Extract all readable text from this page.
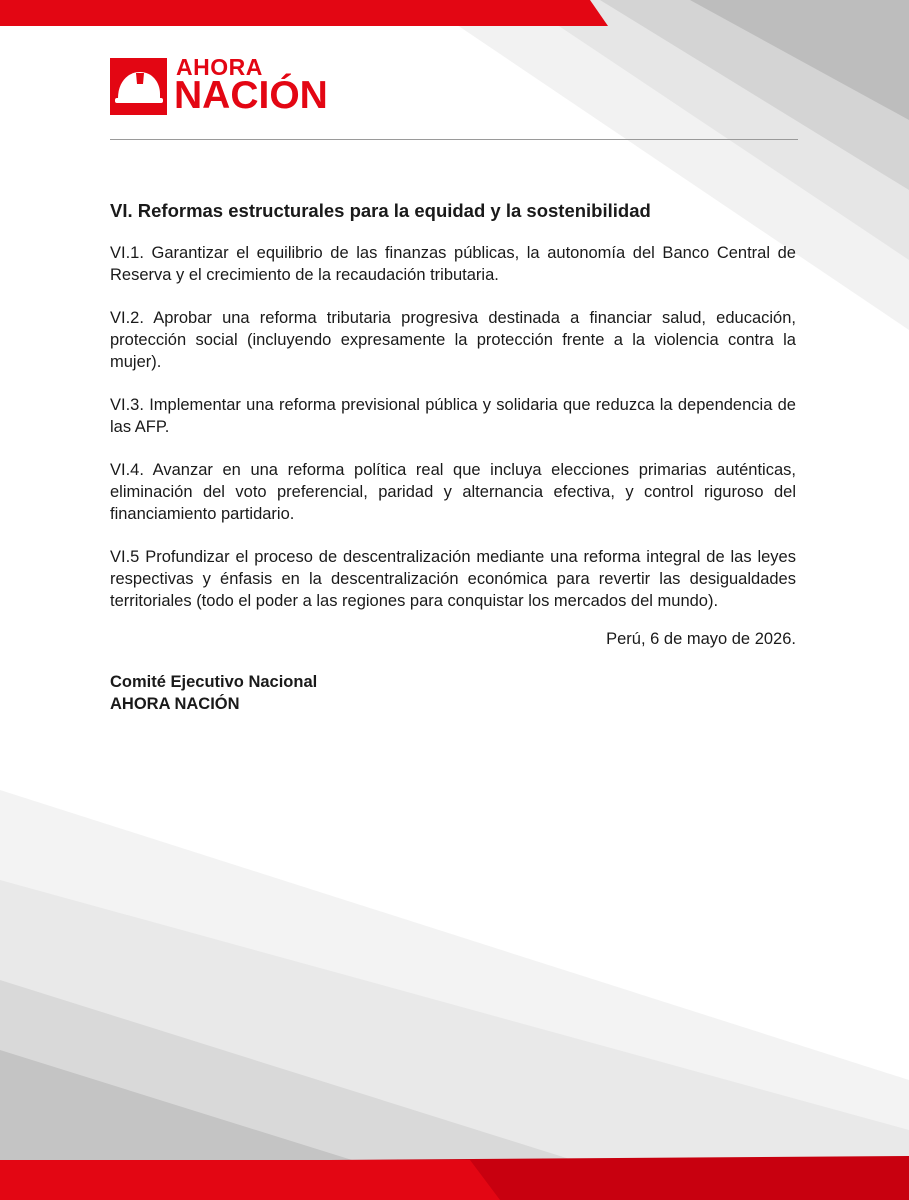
AHORA
NACIÓN
VI. Reformas estructurales para la equidad y la sostenibilidad

VI.1. Garantizar el equilibrio de las finanzas públicas, la autonomía del Banco Central de Reserva y el crecimiento de la recaudación tributaria.

VI.2. Aprobar una reforma tributaria progresiva destinada a financiar salud, educación, protección social (incluyendo expresamente la protección frente a la violencia contra la mujer).

VI.3. Implementar una reforma previsional pública y solidaria que reduzca la dependencia de las AFP.

VI.4. Avanzar en una reforma política real que incluya elecciones primarias auténticas, eliminación del voto preferencial, paridad y alternancia efectiva, y control riguroso del financiamiento partidario.

VI.5 Profundizar el proceso de descentralización mediante una reforma integral de las leyes respectivas y énfasis en la descentralización económica para revertir las desigualdades territoriales (todo el poder a las regiones para conquistar los mercados del mundo).

Perú, 6 de mayo de 2026.
Comité Ejecutivo Nacional
AHORA NACIÓN
